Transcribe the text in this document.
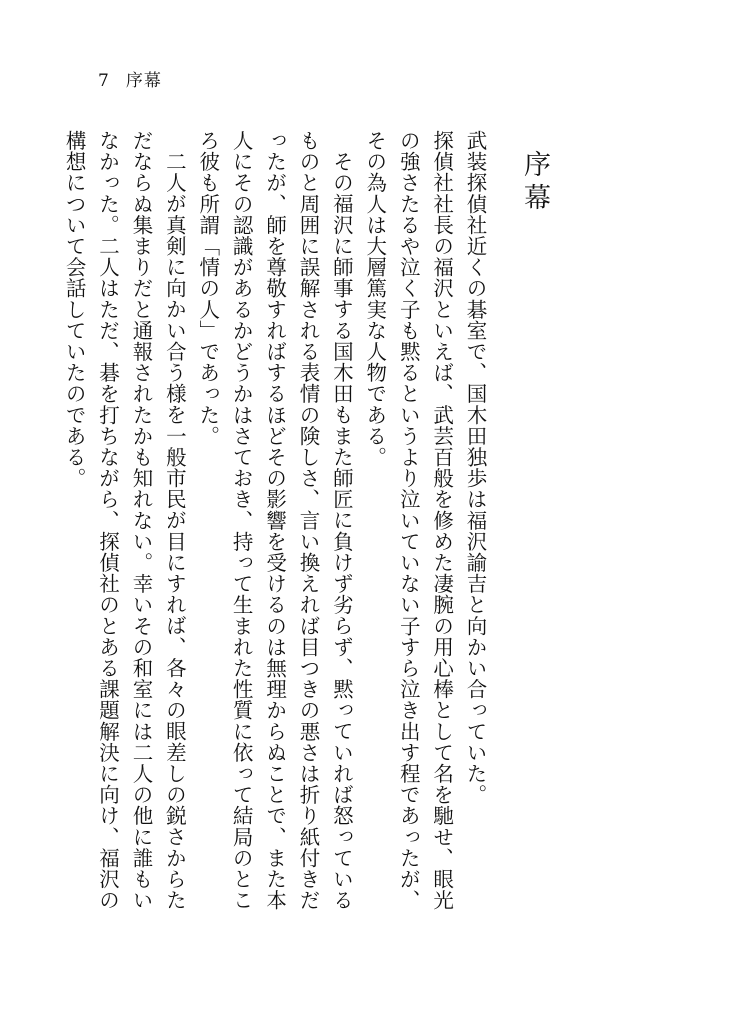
7 序幕
序幕

武装探偵社近くの碁室で、国木田独歩は福沢諭吉と向かい合っていた。

探偵社社長の福沢といえば、武芸百般を修めた凄腕の用心棒として名を馳せ、眼光の強さたるや泣く子も黙るというより泣いていない子すら泣き出す程であったが、その為人は大層篤実な人物である。

その福沢に師事する国木田もまた師匠に負けず劣らず、黙っていれば怒っているものと周囲に誤解される表情の険しさ、言い換えれば目つきの悪さは折り紙付きだったが、師を尊敬すればするほどその影響を受けるのは無理からぬことで、また本人にその認識があるかどうかはさておき、持って生まれた性質に依って結局のところ彼も所謂「情の人」であった。

二人が真剣に向かい合う様を一般市民が目にすれば、各々の眼差しの鋭さからただならぬ集まりだと通報されたかも知れない。幸いその和室には二人の他に誰もいなかった。二人はただ、碁を打ちながら、探偵社のとある課題解決に向け、福沢の構想について会話していたのである。
